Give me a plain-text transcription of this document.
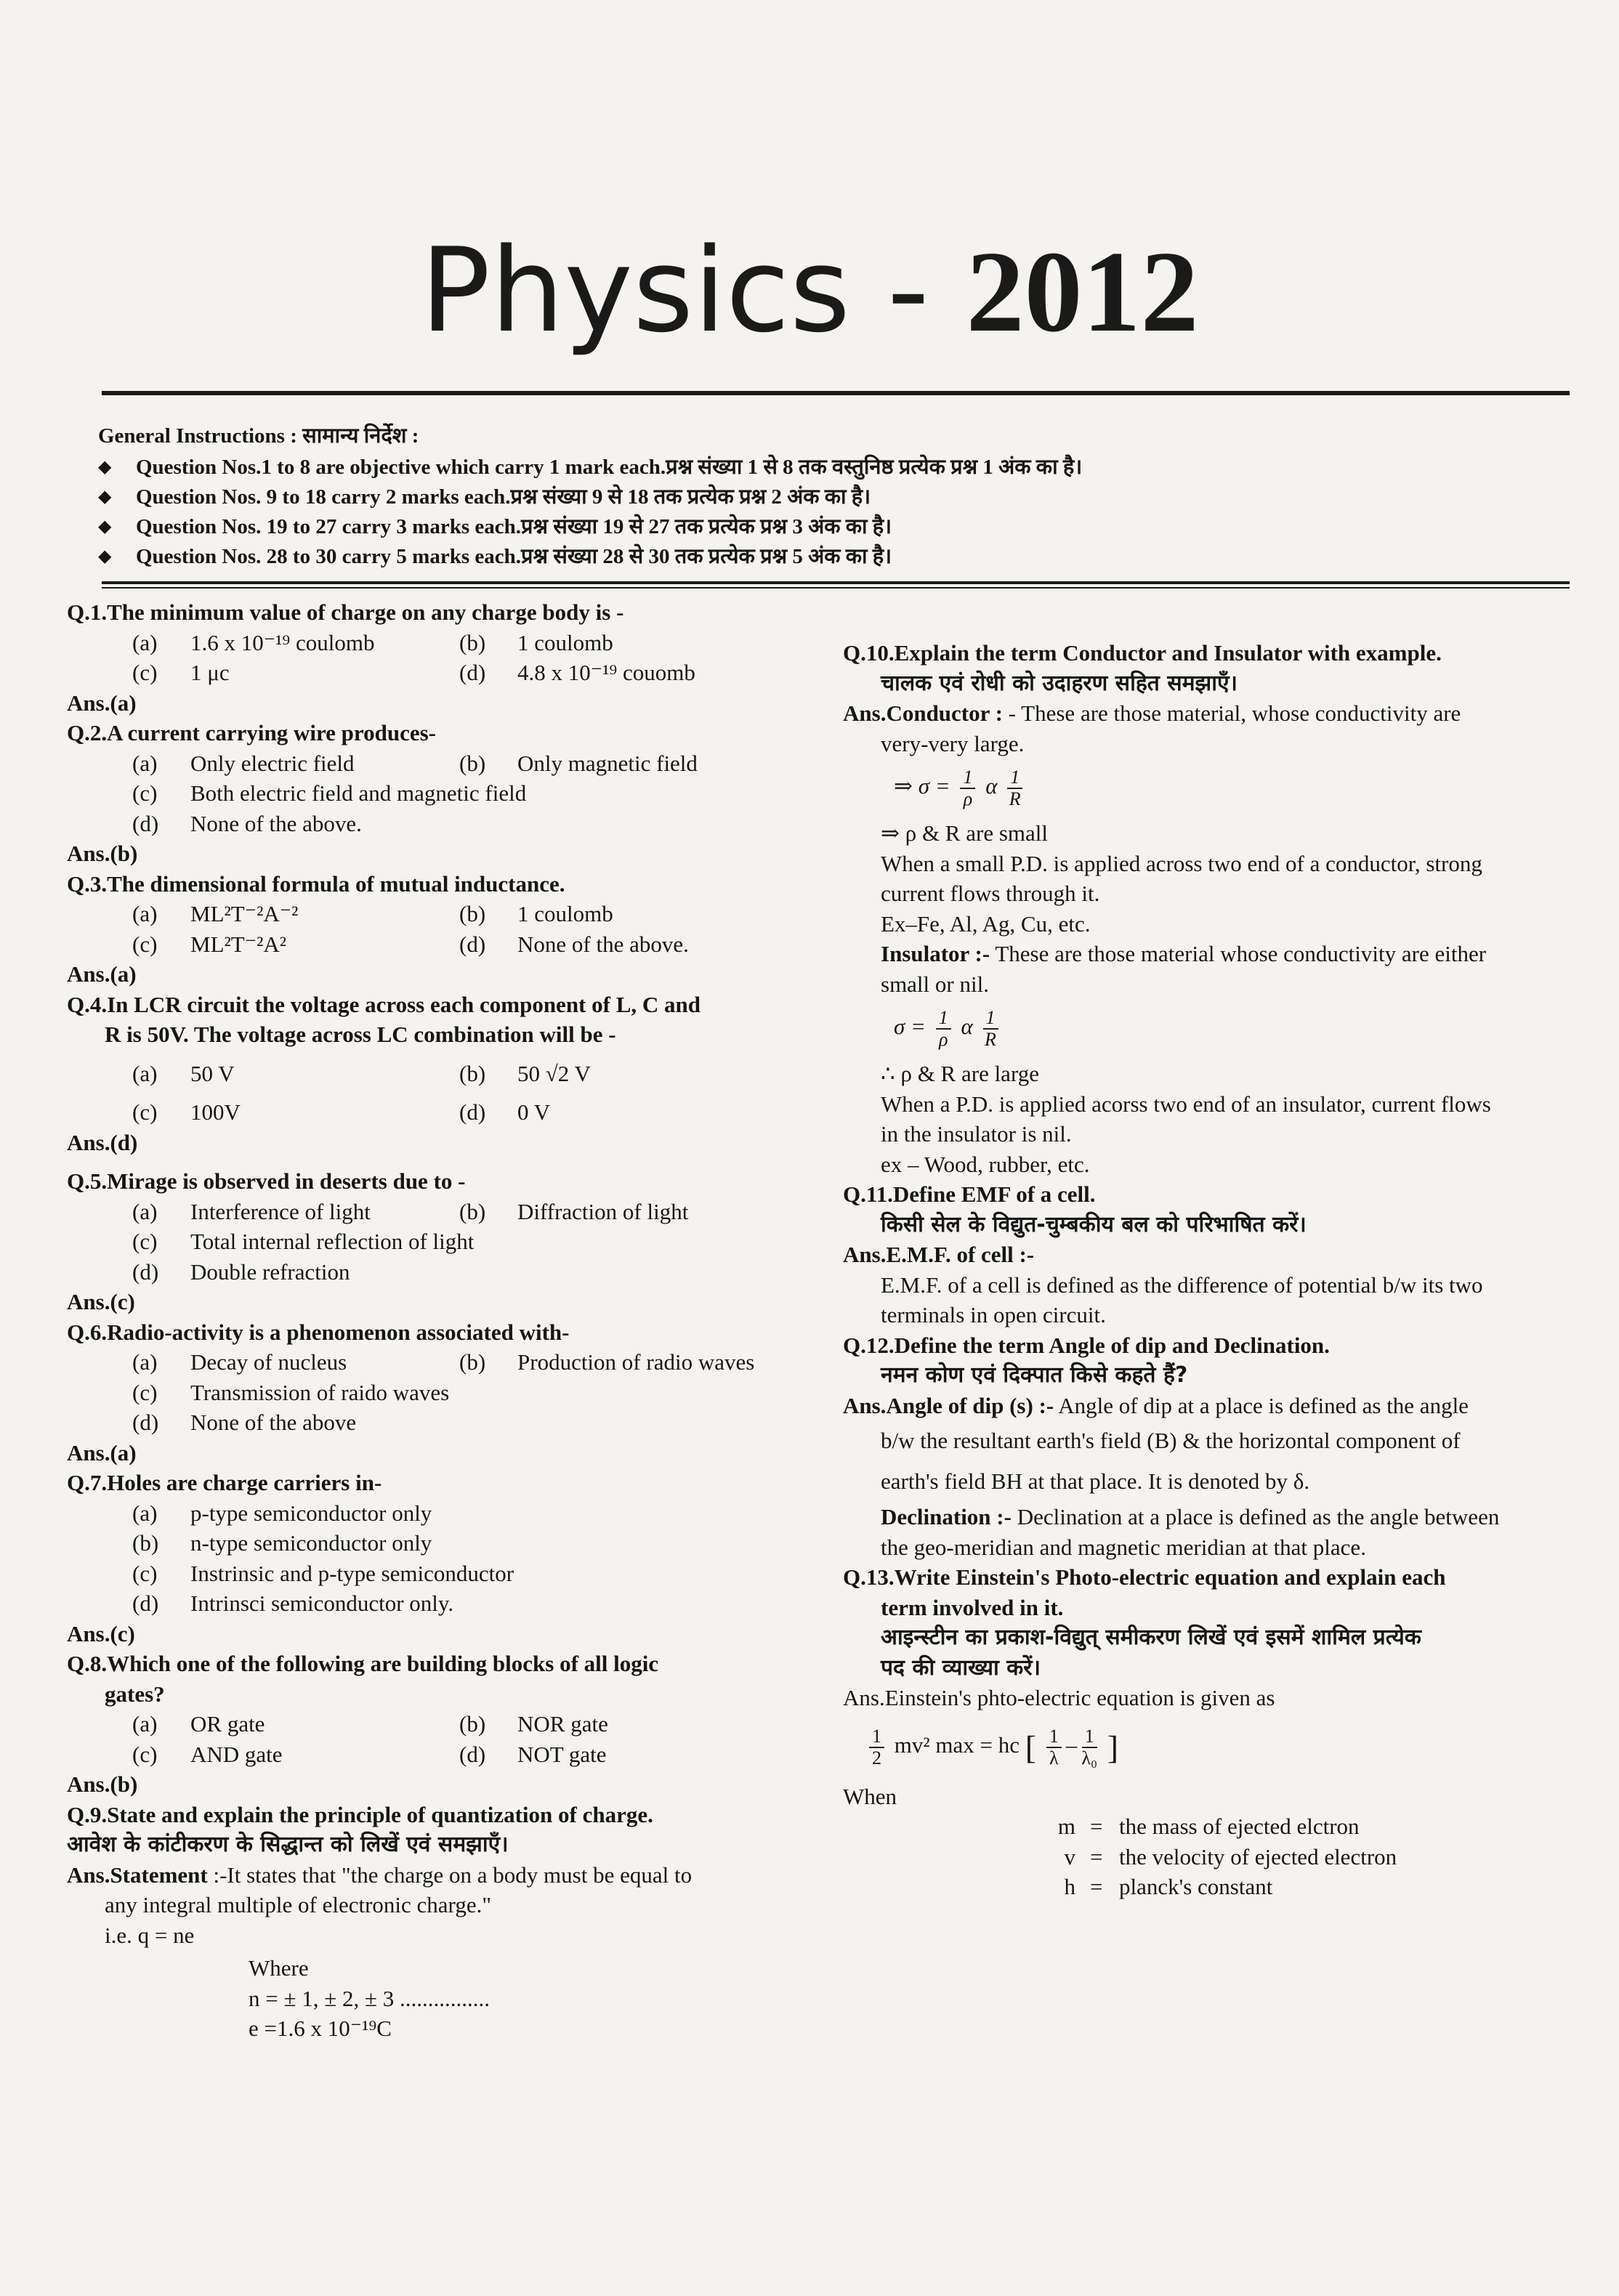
Physics - 2012
General Instructions : सामान्य निर्देश :
◆	Question Nos.1 to 8 are objective which carry 1 mark each.प्रश्न संख्या 1 से 8 तक वस्तुनिष्ठ प्रत्येक प्रश्न 1 अंक का है।
◆	Question Nos. 9 to 18 carry 2 marks each.प्रश्न संख्या 9 से 18 तक प्रत्येक प्रश्न 2 अंक का है।
◆	Question Nos. 19 to 27 carry 3 marks each.प्रश्न संख्या 19 से 27 तक प्रत्येक प्रश्न 3 अंक का है।
◆	Question Nos. 28 to 30 carry 5 marks each.प्रश्न संख्या 28 से 30 तक प्रत्येक प्रश्न 5 अंक का है।
Q.1.The minimum value of charge on any charge body is -
(a)	1.6 x 10⁻¹⁹ coulomb	(b)	1 coulomb
(c)	1 μc	(d)	4.8 x 10⁻¹⁹ couomb
Ans.(a)
Q.2.A current carrying wire produces-
(a)	Only electric field	(b)	Only magnetic field
(c)	Both electric field and magnetic field
(d)	None of the above.
Ans.(b)
Q.3.The dimensional formula of mutual inductance.
(a)	ML²T⁻²A⁻²	(b)	1 coulomb
(c)	ML²T⁻²A²	(d)	None of the above.
Ans.(a)
Q.4.In LCR circuit the voltage across each component of L, C and
R is 50V. The voltage across LC combination will be -
(a)	50 V	(b)	50 √2 V
(c)	100V	(d)	0 V
Ans.(d)
Q.5.Mirage is observed in deserts due to -
(a)	Interference of light	(b)	Diffraction of light
(c)	Total internal reflection of light
(d)	Double refraction
Ans.(c)
Q.6.Radio-activity is a phenomenon associated with-
(a)	Decay of nucleus	(b)	Production of radio waves
(c)	Transmission of raido waves
(d)	None of the above
Ans.(a)
Q.7.Holes are charge carriers in-
(a)	p-type semiconductor only
(b)	n-type semiconductor only
(c)	Instrinsic and p-type semiconductor
(d)	Intrinsci semiconductor only.
Ans.(c)
Q.8.Which one of the following are building blocks of all logic
gates?
(a)	OR gate	(b)	NOR gate
(c)	AND gate	(d)	NOT gate
Ans.(b)
Q.9.State and explain the principle of quantization of charge.
आवेश के कांटीकरण के सिद्धान्त को लिखें एवं समझाएँ।
Ans.Statement :-It states that "the charge on a body must be equal to
any integral multiple of electronic charge."
i.e. q = ne
Where
n = ± 1, ± 2, ± 3 ................
e =1.6 x 10⁻¹⁹C
Q.10.Explain the term Conductor and Insulator with example.
चालक एवं रोधी को उदाहरण सहित समझाएँ।
Ans.Conductor : - These are those material, whose conductivity are
very-very large.
⇒ $\sigma = \frac{1}{\rho}$ α $\frac{1}{R}$
⇒ ρ & R are small
When a small P.D. is applied across two end of a conductor, strong
current flows through it.
Ex–Fe, Al, Ag, Cu, etc.
Insulator :- These are those material whose conductivity are either
small or nil.
$\sigma = \frac{1}{\rho}$ α $\frac{1}{R}$
∴ ρ & R are large
When a P.D. is applied acorss two end of an insulator, current flows
in the insulator is nil.
ex – Wood, rubber, etc.
Q.11.Define EMF of a cell.
किसी सेल के विद्युत-चुम्बकीय बल को परिभाषित करें।
Ans.E.M.F. of cell :-
E.M.F. of a cell is defined as the difference of potential b/w its two
terminals in open circuit.
Q.12.Define the term Angle of dip and Declination.
नमन कोण एवं दिक्पात किसे कहते हैं?
Ans.Angle of dip (s) :- Angle of dip at a place is defined as the angle
b/w the resultant earth's field (B) & the horizontal component of
earth's field BH at that place. It is denoted by δ.
Declination :- Declination at a place is defined as the angle between
the geo-meridian and magnetic meridian at that place.
Q.13.Write Einstein's Photo-electric equation and explain each
term involved in it.
आइन्स्टीन का प्रकाश-विद्युत् समीकरण लिखें एवं इसमें शामिल प्रत्येक
पद की व्याख्या करें।
Ans.Einstein's phto-electric equation is given as
$\frac{1}{2} mv^2$ max = hc [ $\frac{1}{\lambda} - \frac{1}{\text{λ₀}}$ ]
When
m = the mass of ejected elctron
v = the velocity of ejected electron
h = planck's constant
